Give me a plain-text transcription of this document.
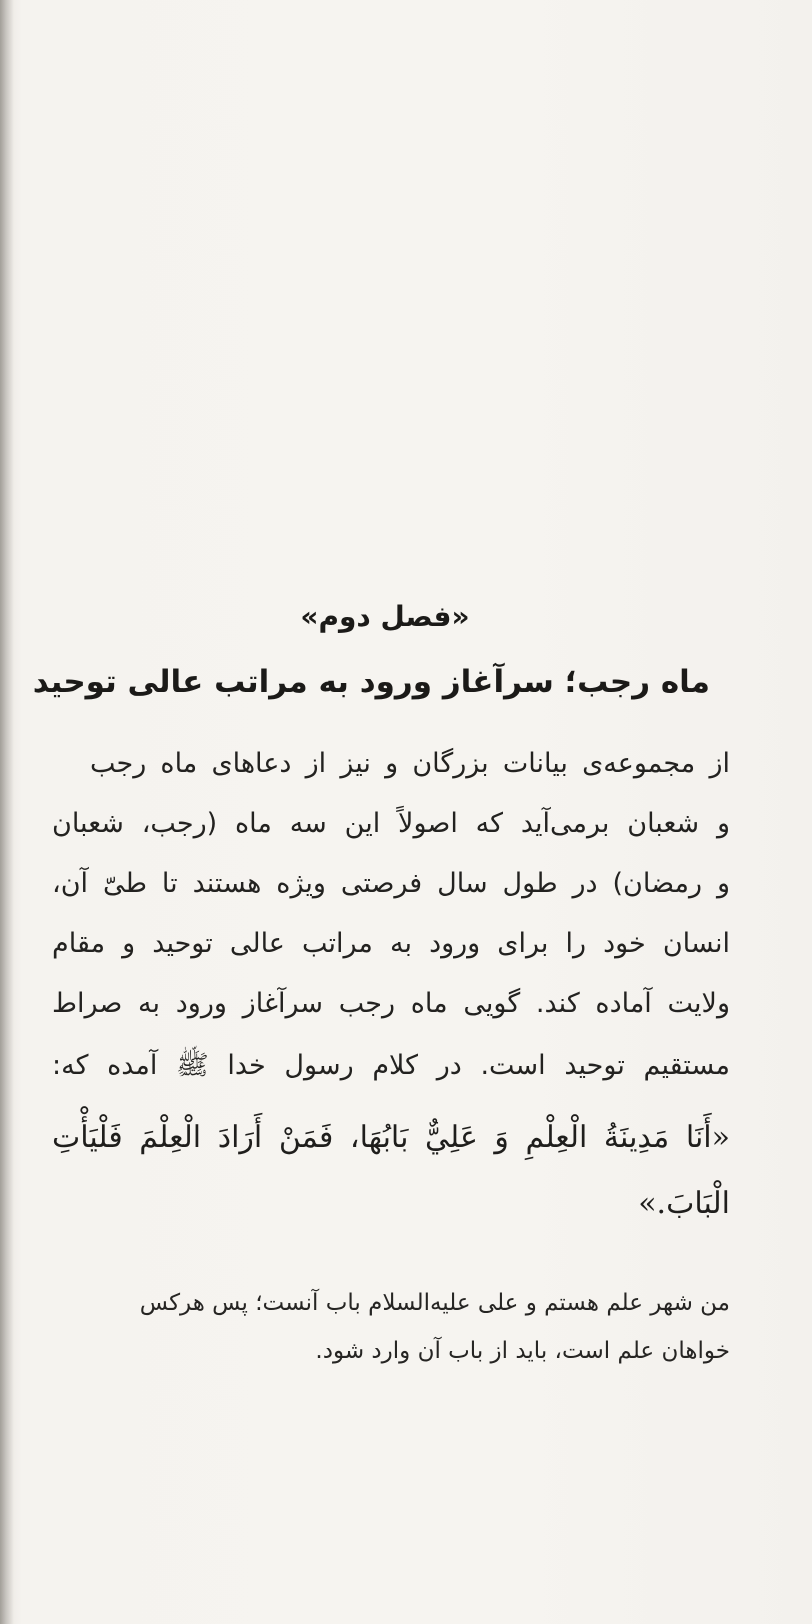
«فصل دوم»
ماه رجب؛ سرآغاز ورود به مراتب عالی توحید
از مجموعه‌ی بیانات بزرگان و نیز از دعاهای ماه رجب
و شعبان برمی‌آید که اصولاً این سه ماه (رجب، شعبان
و رمضان) در طول سال فرصتی ویژه هستند تا طیّ آن،
انسان خود را برای ورود به مراتب عالی توحید و مقام
ولایت آماده کند. گویی ماه رجب سرآغاز ورود به صراط
مستقیم توحید است. در کلام رسول خدا ﷺ آمده که:
«أَنَا مَدِينَةُ الْعِلْمِ وَ عَلِيٌّ بَابُهَا، فَمَنْ أَرَادَ الْعِلْمَ فَلْيَأْتِ
الْبَابَ.»
من شهر علم هستم و علی علیه‌السلام باب آنست؛ پس هرکس
خواهان علم است، باید از باب آن وارد شود.
